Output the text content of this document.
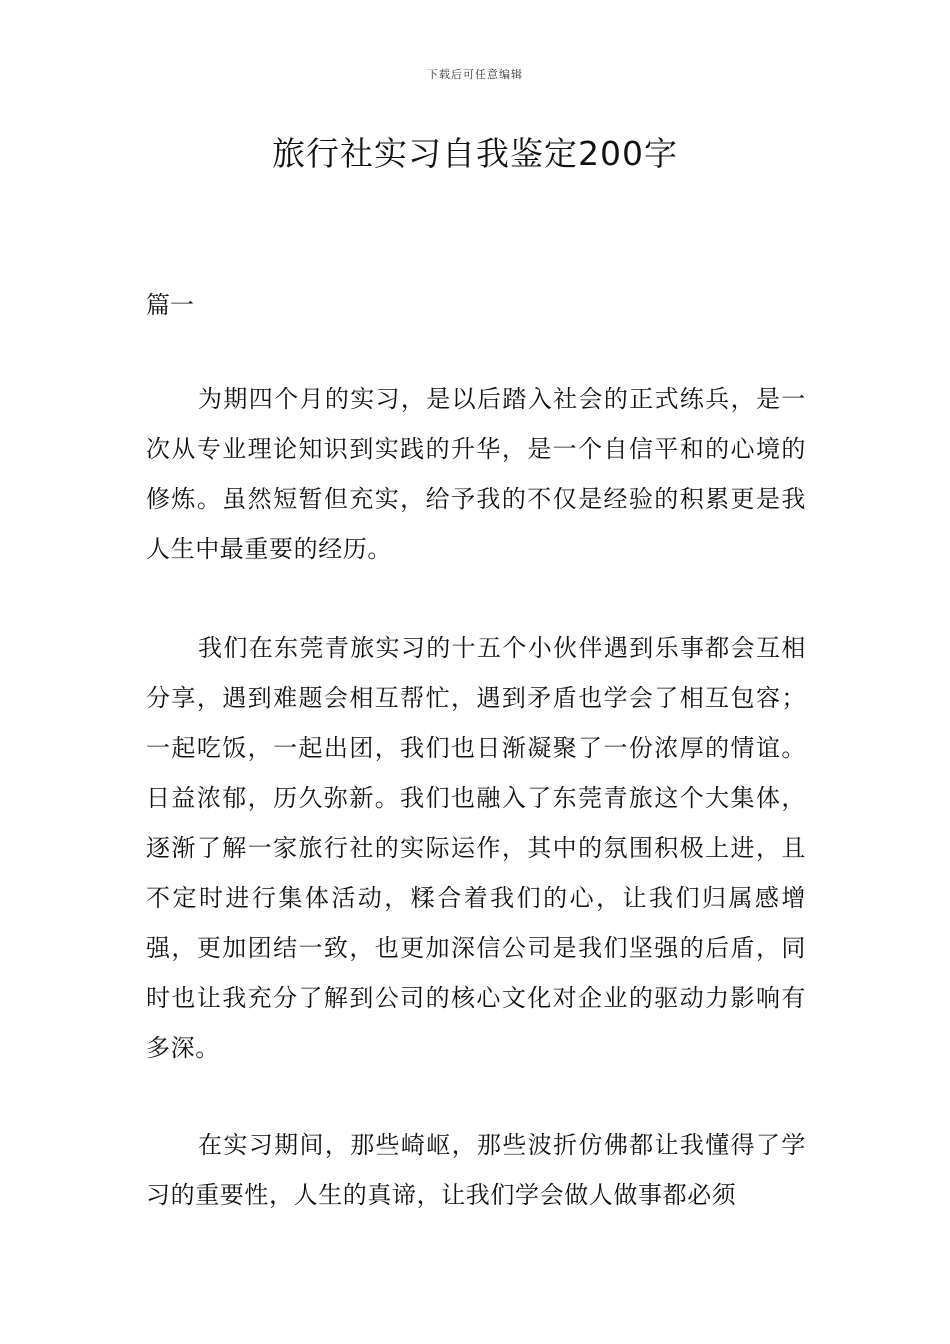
下载后可任意编辑
旅行社实习自我鉴定200字

篇一

为期四个月的实习，是以后踏入社会的正式练兵，是一次从专业理论知识到实践的升华，是一个自信平和的心境的修炼。虽然短暂但充实，给予我的不仅是经验的积累更是我人生中最重要的经历。

我们在东莞青旅实习的十五个小伙伴遇到乐事都会互相分享，遇到难题会相互帮忙，遇到矛盾也学会了相互包容；一起吃饭，一起出团，我们也日渐凝聚了一份浓厚的情谊。日益浓郁，历久弥新。我们也融入了东莞青旅这个大集体，逐渐了解一家旅行社的实际运作，其中的氛围积极上进，且不定时进行集体活动，糅合着我们的心，让我们归属感增强，更加团结一致，也更加深信公司是我们坚强的后盾，同时也让我充分了解到公司的核心文化对企业的驱动力影响有多深。

在实习期间，那些崎岖，那些波折仿佛都让我懂得了学习的重要性，人生的真谛，让我们学会做人做事都必须
